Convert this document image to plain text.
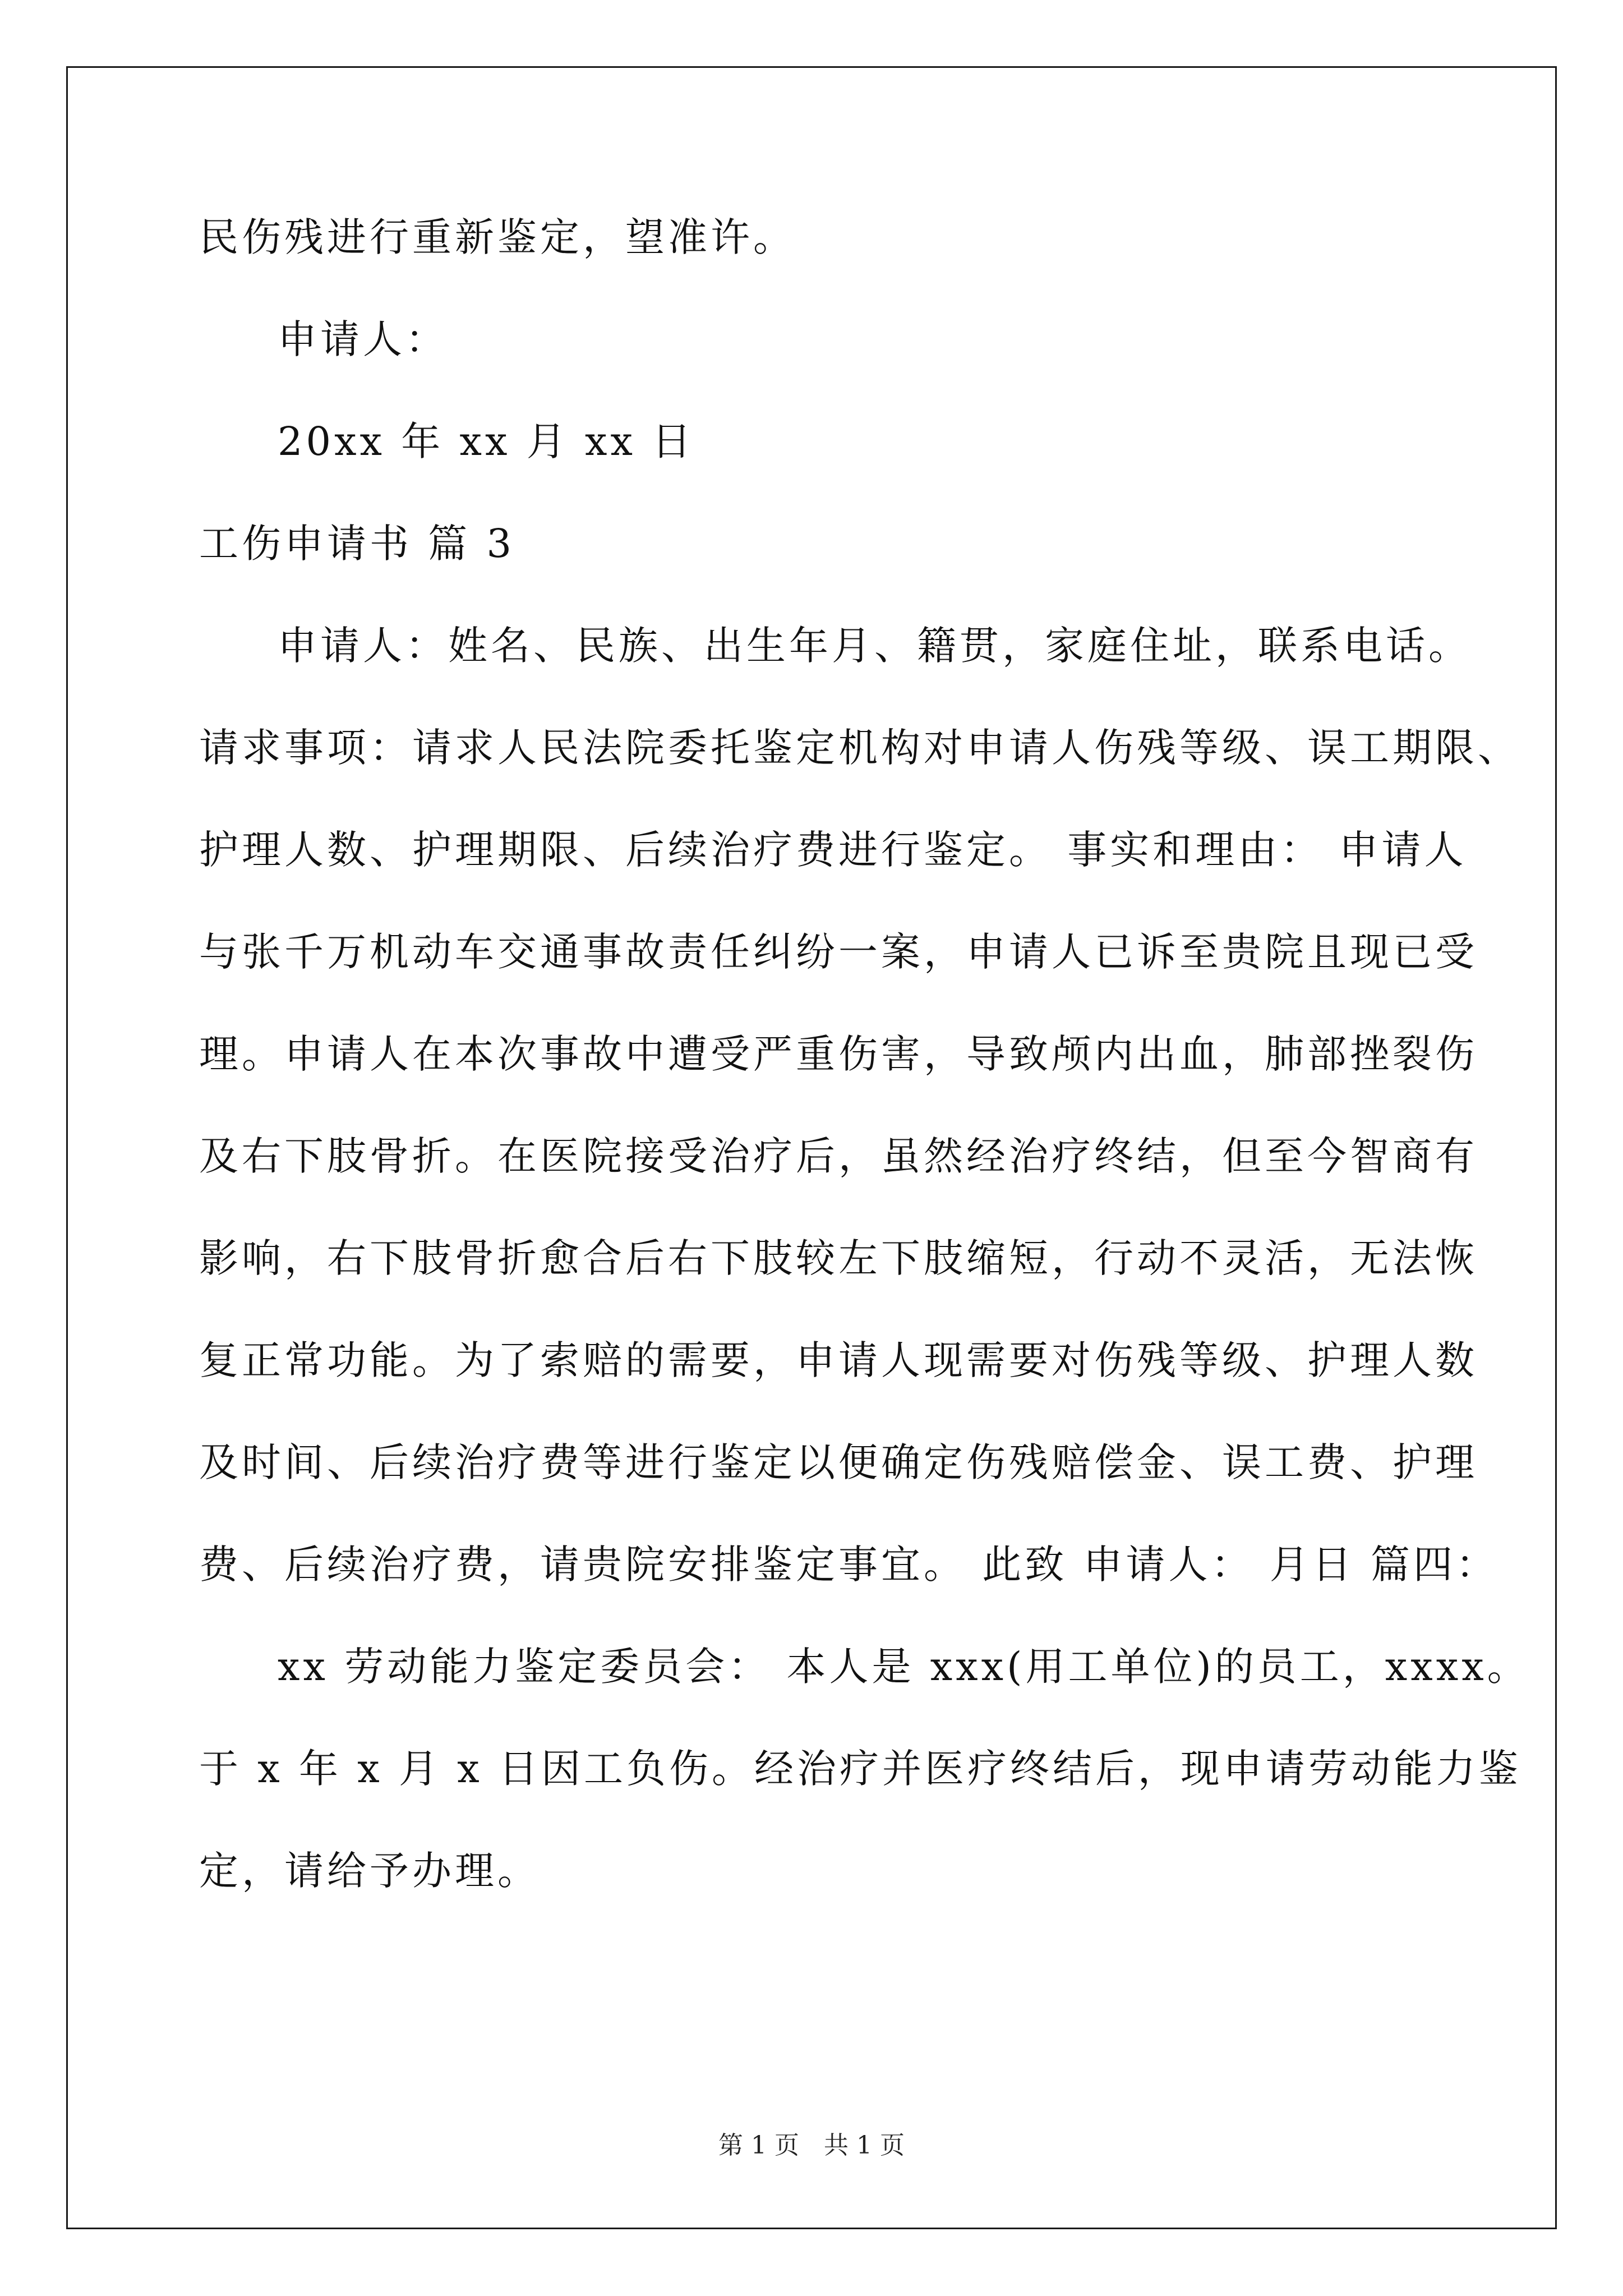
民伤残进行重新鉴定，望准许。
申请人：
20xx 年 xx 月 xx 日
工伤申请书 篇 3
申请人：姓名、民族、出生年月、籍贯，家庭住址，联系电话。
请求事项：请求人民法院委托鉴定机构对申请人伤残等级、误工期限、
护理人数、护理期限、后续治疗费进行鉴定。 事实和理由： 申请人
与张千万机动车交通事故责任纠纷一案，申请人已诉至贵院且现已受
理。申请人在本次事故中遭受严重伤害，导致颅内出血，肺部挫裂伤
及右下肢骨折。在医院接受治疗后，虽然经治疗终结，但至今智商有
影响，右下肢骨折愈合后右下肢较左下肢缩短，行动不灵活，无法恢
复正常功能。为了索赔的需要，申请人现需要对伤残等级、护理人数
及时间、后续治疗费等进行鉴定以便确定伤残赔偿金、误工费、护理
费、后续治疗费，请贵院安排鉴定事宜。 此致 申请人： 月日 篇四：
xx 劳动能力鉴定委员会： 本人是 xxx(用工单位)的员工，xxxx。
于 x 年 x 月 x 日因工负伤。经治疗并医疗终结后，现申请劳动能力鉴
定，请给予办理。
第 1 页　共 1 页
